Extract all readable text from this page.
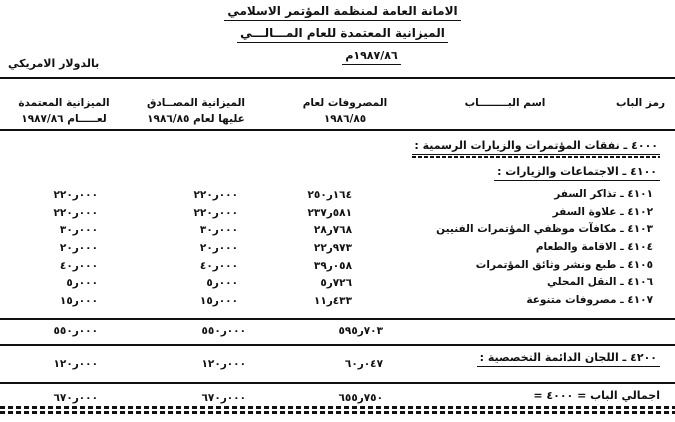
الامانة العامة لمنظمة المؤتمر الاسلامي
الميزانية المعتمدة للعام المـــالـــي
١٩٨٧/٨٦م
بالدولار الامريكي
رمز الباب
اسم البــــــــاب
المصروفات لعام
١٩٨٦/٨٥
الميزانية المصــادق
عليها لعام ١٩٨٦/٨٥
الميزانية المعتمدة
لعـــــام ١٩٨٧/٨٦
٤٠٠٠ ـ نفقات المؤتمرات والزيارات الرسمية :
٤١٠٠ ـ الاجتماعات والزيارات :
٤١٠١ ـ تذاكر السفر
٢٥٠ر١٦٤
٢٢٠ر٠٠٠
٢٢٠ر٠٠٠
٤١٠٢ ـ علاوة السفر
٢٣٧ر٥٨١
٢٢٠ر٠٠٠
٢٢٠ر٠٠٠
٤١٠٣ ـ مكافآت موظفي المؤتمرات الفنيين
٢٨ر٧٦٨
٣٠ر٠٠٠
٣٠ر٠٠٠
٤١٠٤ ـ الاقامة والطعام
٢٢ر٩٧٣
٢٠ر٠٠٠
٢٠ر٠٠٠
٤١٠٥ ـ طبع ونشر وثائق المؤتمرات
٣٩ر٠٥٨
٤٠ر٠٠٠
٤٠ر٠٠٠
٤١٠٦ ـ النقل المحلي
٥ر٧٢٦
٥ر٠٠٠
٥ر٠٠٠
٤١٠٧ ـ مصروفات متنوعة
١١ر٤٣٣
١٥ر٠٠٠
١٥ر٠٠٠
٥٩٥ر٧٠٣
٥٥٠ر٠٠٠
٥٥٠ر٠٠٠
٤٢٠٠ ـ اللجان الدائمة التخصصية :
٦٠ر٠٤٧
١٢٠ر٠٠٠
١٢٠ر٠٠٠
اجمالي الباب = ٤٠٠٠ =
٦٥٥ر٧٥٠
٦٧٠ر٠٠٠
٦٧٠ر٠٠٠
